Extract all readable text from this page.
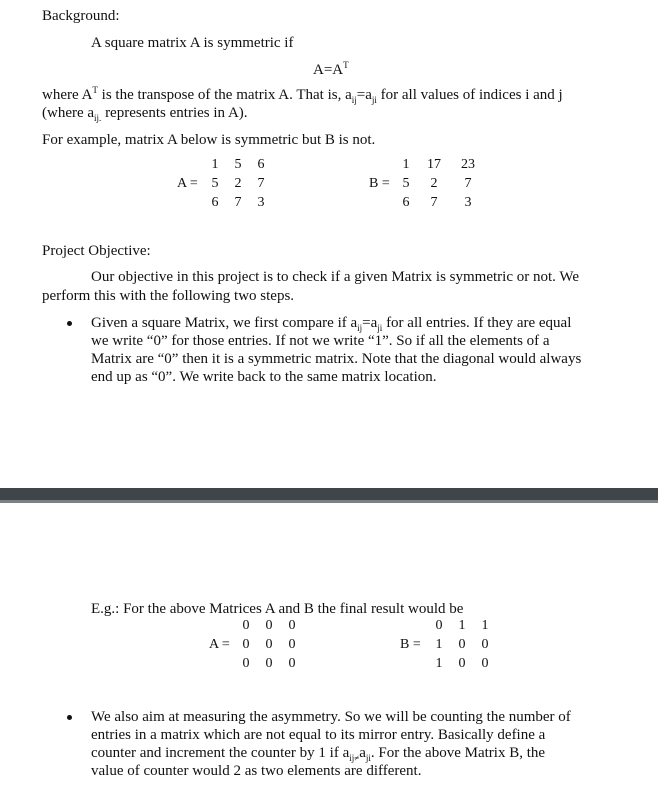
Background:
A square matrix A is symmetric if
$A=A^T$
where $A^T$ is the transpose of the matrix A. That is, $a_{ij}=a_{ji}$ for all values of indices i and j
(where $a_{ij.}$ represents entries in A).
For example, matrix A below is symmetric but B is not.
A =
1	5	6
5	2	7
6	7	3
B =
1	17 23
5	2	7
6	7	3
Project Objective:
Our objective in this project is to check if a given Matrix is symmetric or not. We
perform this with the following two steps.
Given a square Matrix, we first compare if $a_{ij}=a_{ji}$ for all entries. If they are equal
we write “0” for those entries. If not we write “1”. So if all the elements of a
Matrix are “0” then it is a symmetric matrix. Note that the diagonal would always
end up as “0”. We write back to the same matrix location.
E.g.: For the above Matrices A and B the final result would be
A =
0	0	0
0	0	0
0	0	0
B =
0	1	1
1	0	0
1	0	0
We also aim at measuring the asymmetry. So we will be counting the number of
entries in a matrix which are not equal to its mirror entry. Basically define a
counter and increment the counter by 1 if $a_{ij\ne}a_{ji}$. For the above Matrix B, the
value of counter would 2 as two elements are different.
